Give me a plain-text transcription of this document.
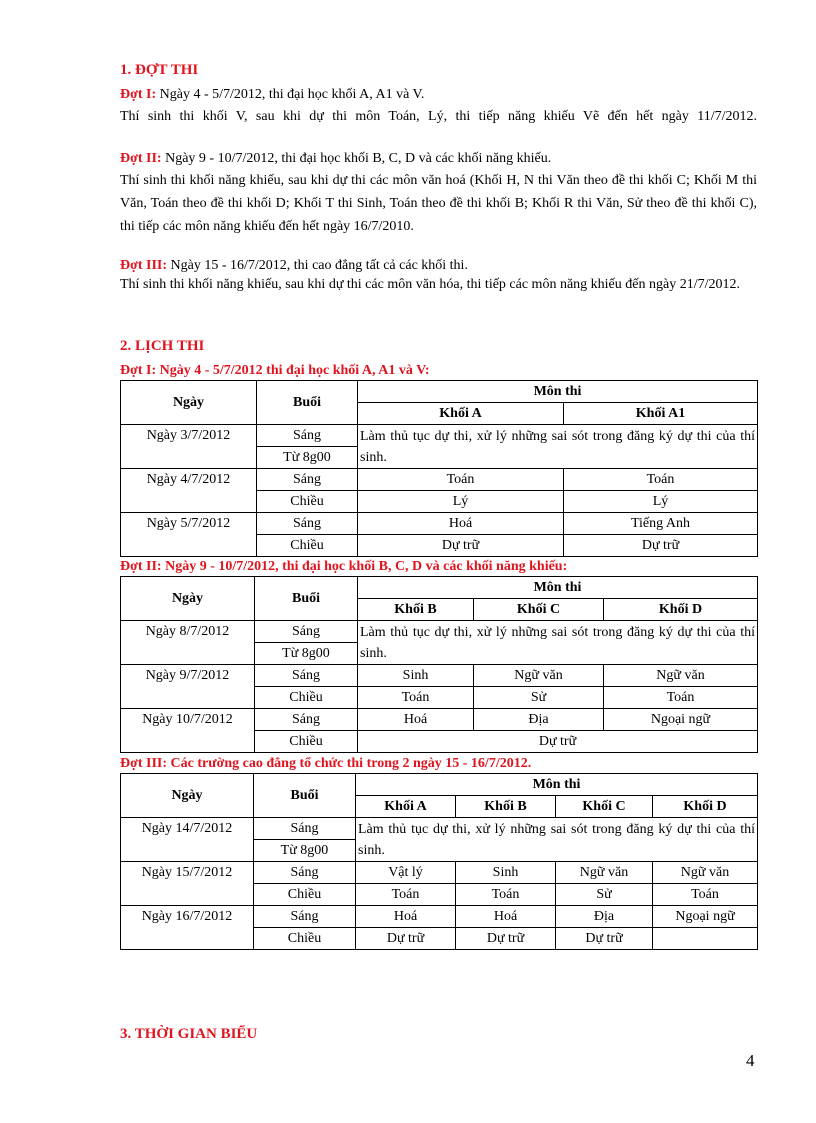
1. ĐỢT THI
Đợt I: Ngày 4 - 5/7/2012, thi đại học khối A, A1 và V.
Thí sinh thi khối V, sau khi dự thi môn Toán, Lý, thi tiếp năng khiếu Vẽ đến hết ngày 11/7/2012.
Đợt II: Ngày 9 - 10/7/2012, thi đại học khối B, C, D và các khối năng khiếu.
Thí sinh thi khối năng khiếu, sau khi dự thi các môn văn hoá (Khối H, N thi Văn theo đề thi khối C; Khối M thi Văn, Toán theo đề thi khối D; Khối T thi Sinh, Toán theo đề thi khối B; Khối R thi Văn, Sử theo đề thi khối C), thi tiếp các môn năng khiếu đến hết ngày 16/7/2010.
Đợt III: Ngày 15 - 16/7/2012, thi cao đẳng tất cả các khối thi.
Thí sinh thi khối năng khiếu, sau khi dự thi các môn văn hóa, thi tiếp các môn năng khiếu đến ngày 21/7/2012.
2. LỊCH THI
Đợt I: Ngày 4 - 5/7/2012 thi đại học khối A, A1 và V:
Ngày	Buổi	Môn thi	
		Khối A	Khối A1
Ngày 3/7/2012	Sáng	Làm thủ tục dự thi, xử lý những sai sót trong đăng ký dự thi của thí sinh.	
	Từ 8g00		
Ngày 4/7/2012	Sáng	Toán	Toán
	Chiều	Lý	Lý
Ngày 5/7/2012	Sáng	Hoá	Tiếng Anh
	Chiều	Dự trữ	Dự trữ
Đợt II: Ngày 9 - 10/7/2012, thi đại học khối B, C, D và các khối năng khiếu:
Ngày	Buổi	Môn thi		
		Khối B	Khối C	Khối D
Ngày 8/7/2012	Sáng	Làm thủ tục dự thi, xử lý những sai sót trong đăng ký dự thi của thí sinh.		
	Từ 8g00			
Ngày 9/7/2012	Sáng	Sinh	Ngữ văn	Ngữ văn
	Chiều	Toán	Sử	Toán
Ngày 10/7/2012	Sáng	Hoá	Địa	Ngoại ngữ
	Chiều	Dự trữ		
Đợt III: Các trường cao đẳng tổ chức thi trong 2 ngày 15 - 16/7/2012.
Ngày	Buổi	Môn thi			
		Khối A	Khối B	Khối C	Khối D
Ngày 14/7/2012	Sáng	Làm thủ tục dự thi, xử lý những sai sót trong đăng ký dự thi của thí sinh.			
	Từ 8g00				
Ngày 15/7/2012	Sáng	Vật lý	Sinh	Ngữ văn	Ngữ văn
	Chiều	Toán	Toán	Sử	Toán
Ngày 16/7/2012	Sáng	Hoá	Hoá	Địa	Ngoại ngữ
	Chiều	Dự trữ	Dự trữ	Dự trữ	
3. THỜI GIAN BIỂU
4
